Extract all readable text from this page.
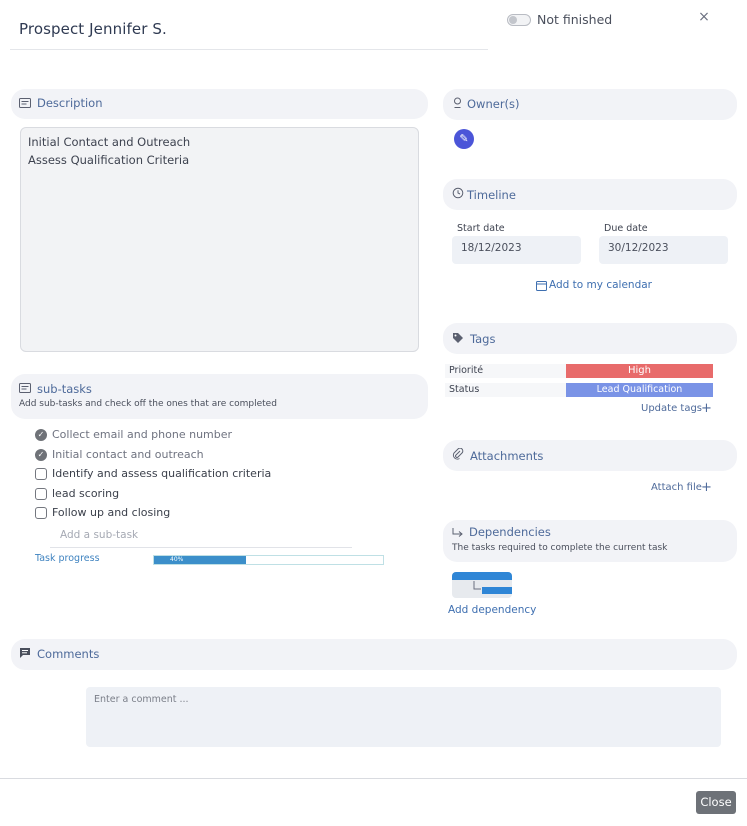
Prospect Jennifer S.
Not finished	×
Description
Initial Contact and Outreach
Assess Qualification Criteria
sub-tasks
Add sub-tasks and check off the ones that are completed
✓ Collect email and phone number
✓ Initial contact and outreach
Identify and assess qualification criteria
lead scoring
Follow up and closing
Add a sub-task
Task progress	40%
Owner(s)
✎
Timeline
Start date
18/12/2023
Due date
30/12/2023
Add to my calendar
Tags
Priorité	High
Status	Lead Qualification
Update tags
+
Attachments
Attach file +
Dependencies
The tasks required to complete the current task
Add dependency
Comments
Enter a comment ...
Close
